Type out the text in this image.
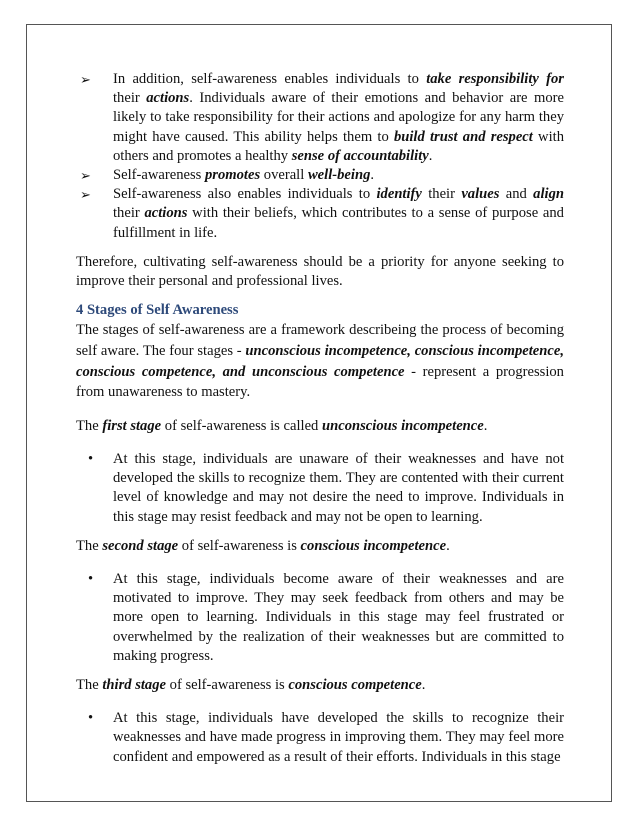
➢ In addition, self-awareness enables individuals to take responsibility for their actions. Individuals aware of their emotions and behavior are more likely to take responsibility for their actions and apologize for any harm they might have caused. This ability helps them to build trust and respect with others and promotes a healthy sense of accountability.
➢ Self-awareness promotes overall well-being.
➢ Self-awareness also enables individuals to identify their values and align their actions with their beliefs, which contributes to a sense of purpose and fulfillment in life.

Therefore, cultivating self-awareness should be a priority for anyone seeking to improve their personal and professional lives.

4 Stages of Self Awareness

The stages of self-awareness are a framework describeing the process of becoming self aware. The four stages - unconscious incompetence, conscious incompetence, conscious competence, and unconscious competence - represent a progression from unawareness to mastery.

The first stage of self-awareness is called unconscious incompetence.

• At this stage, individuals are unaware of their weaknesses and have not developed the skills to recognize them. They are contented with their current level of knowledge and may not desire the need to improve. Individuals in this stage may resist feedback and may not be open to learning.

The second stage of self-awareness is conscious incompetence.

• At this stage, individuals become aware of their weaknesses and are motivated to improve. They may seek feedback from others and may be more open to learning. Individuals in this stage may feel frustrated or overwhelmed by the realization of their weaknesses but are committed to making progress.

The third stage of self-awareness is conscious competence.

• At this stage, individuals have developed the skills to recognize their weaknesses and have made progress in improving them. They may feel more confident and empowered as a result of their efforts. Individuals in this stage
